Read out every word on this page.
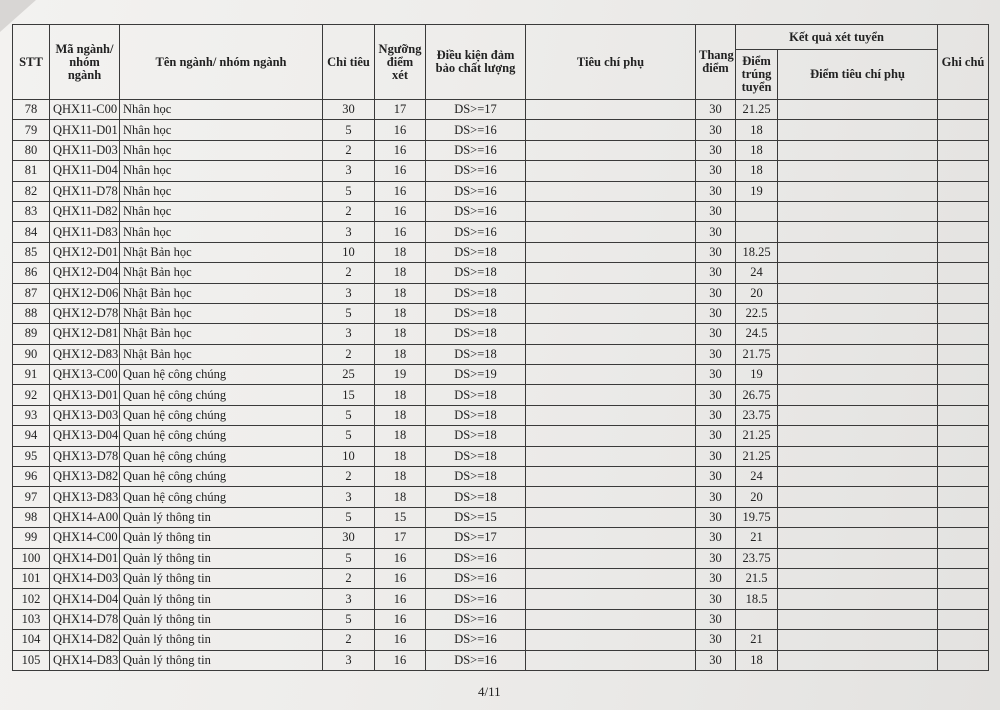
STT	Mã ngành/ nhóm ngành	Tên ngành/ nhóm ngành	Chỉ tiêu	Ngưỡng điểm xét	Điều kiện đảm bảo chất lượng	Tiêu chí phụ	Thang điểm	Kết quả xét tuyển		Ghi chú
								Điểm trúng tuyển	Điểm tiêu chí phụ	
78	QHX11-C00	Nhân học	30	17	DS>=17		30	21.25		
79	QHX11-D01	Nhân học	5	16	DS>=16		30	18		
80	QHX11-D03	Nhân học	2	16	DS>=16		30	18		
81	QHX11-D04	Nhân học	3	16	DS>=16		30	18		
82	QHX11-D78	Nhân học	5	16	DS>=16		30	19		
83	QHX11-D82	Nhân học	2	16	DS>=16		30			
84	QHX11-D83	Nhân học	3	16	DS>=16		30			
85	QHX12-D01	Nhật Bản học	10	18	DS>=18		30	18.25		
86	QHX12-D04	Nhật Bản học	2	18	DS>=18		30	24		
87	QHX12-D06	Nhật Bản học	3	18	DS>=18		30	20		
88	QHX12-D78	Nhật Bản học	5	18	DS>=18		30	22.5		
89	QHX12-D81	Nhật Bản học	3	18	DS>=18		30	24.5		
90	QHX12-D83	Nhật Bản học	2	18	DS>=18		30	21.75		
91	QHX13-C00	Quan hệ công chúng	25	19	DS>=19		30	19		
92	QHX13-D01	Quan hệ công chúng	15	18	DS>=18		30	26.75		
93	QHX13-D03	Quan hệ công chúng	5	18	DS>=18		30	23.75		
94	QHX13-D04	Quan hệ công chúng	5	18	DS>=18		30	21.25		
95	QHX13-D78	Quan hệ công chúng	10	18	DS>=18		30	21.25		
96	QHX13-D82	Quan hệ công chúng	2	18	DS>=18		30	24		
97	QHX13-D83	Quan hệ công chúng	3	18	DS>=18		30	20		
98	QHX14-A00	Quản lý thông tin	5	15	DS>=15		30	19.75		
99	QHX14-C00	Quản lý thông tin	30	17	DS>=17		30	21		
100	QHX14-D01	Quản lý thông tin	5	16	DS>=16		30	23.75		
101	QHX14-D03	Quản lý thông tin	2	16	DS>=16		30	21.5		
102	QHX14-D04	Quản lý thông tin	3	16	DS>=16		30	18.5		
103	QHX14-D78	Quản lý thông tin	5	16	DS>=16		30			
104	QHX14-D82	Quản lý thông tin	2	16	DS>=16		30	21		
105	QHX14-D83	Quản lý thông tin	3	16	DS>=16		30	18		
4/11
